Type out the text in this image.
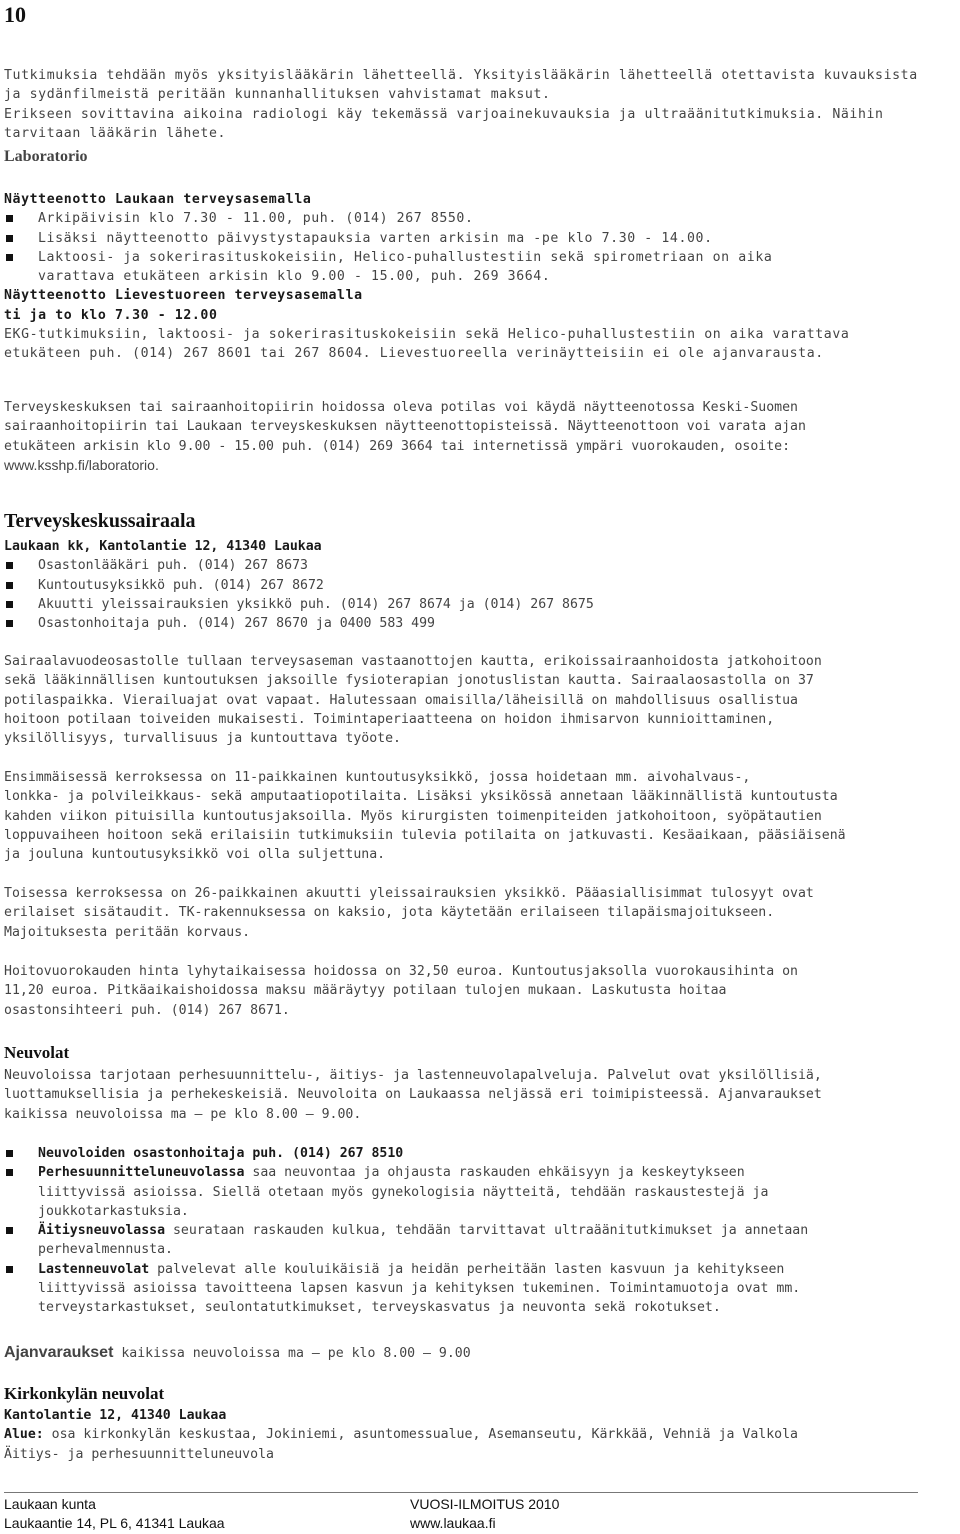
10

Tutkimuksia tehdään myös yksityislääkärin lähetteellä. Yksityislääkärin lähetteellä otettavista kuvauksista

ja sydänfilmeistä peritään kunnanhallituksen vahvistamat maksut.

Erikseen sovittavina aikoina radiologi käy tekemässä varjoainekuvauksia ja ultraäänitutkimuksia. Näihin

tarvitaan lääkärin lähete.

Laboratorio

Näytteenotto Laukaan terveysasemalla

Arkipäivisin klo 7.30 - 11.00, puh. (014) 267 8550.

Lisäksi näytteenotto päivystystapauksia varten arkisin ma -pe klo 7.30 - 14.00.

Laktoosi- ja sokerirasituskokeisiin, Helico-puhallustestiin sekä spirometriaan on aika

varattava etukäteen arkisin klo 9.00 - 15.00, puh. 269 3664.

Näytteenotto Lievestuoreen terveysasemalla

ti ja to klo 7.30 - 12.00

EKG-tutkimuksiin, laktoosi- ja sokerirasituskokeisiin sekä Helico-puhallustestiin on aika varattava

etukäteen puh. (014) 267 8601 tai 267 8604. Lievestuoreella verinäytteisiin ei ole ajanvarausta.

Terveyskeskuksen tai sairaanhoitopiirin hoidossa oleva potilas voi käydä näytteenotossa Keski-Suomen

sairaanhoitopiirin tai Laukaan terveyskeskuksen näytteenottopisteissä. Näytteenottoon voi varata ajan

etukäteen arkisin klo 9.00 - 15.00 puh. (014) 269 3664 tai internetissä ympäri vuorokauden, osoite:

www.ksshp.fi/laboratorio.

Terveyskeskussairaala

Laukaan kk, Kantolantie 12, 41340 Laukaa

Osastonlääkäri puh. (014) 267 8673

Kuntoutusyksikkö puh. (014) 267 8672

Akuutti yleissairauksien yksikkö puh. (014) 267 8674 ja (014) 267 8675

Osastonhoitaja puh. (014) 267 8670 ja 0400 583 499

Sairaalavuodeosastolle tullaan terveysaseman vastaanottojen kautta, erikoissairaanhoidosta jatkohoitoon

sekä lääkinnällisen kuntoutuksen jaksoille fysioterapian jonotuslistan kautta. Sairaalaosastolla on 37

potilaspaikka. Vierailuajat ovat vapaat. Halutessaan omaisilla/läheisillä on mahdollisuus osallistua

hoitoon potilaan toiveiden mukaisesti. Toimintaperiaatteena on hoidon ihmisarvon kunnioittaminen,

yksilöllisyys, turvallisuus ja kuntouttava työote.

Ensimmäisessä kerroksessa on 11-paikkainen kuntoutusyksikkö, jossa hoidetaan mm. aivohalvaus-,

lonkka- ja polvileikkaus- sekä amputaatiopotilaita. Lisäksi yksikössä annetaan lääkinnällistä kuntoutusta

kahden viikon pituisilla kuntoutusjaksoilla. Myös kirurgisten toimenpiteiden jatkohoitoon, syöpätautien

loppuvaiheen hoitoon sekä erilaisiin tutkimuksiin tulevia potilaita on jatkuvasti. Kesäaikaan, pääsiäisenä

ja jouluna kuntoutusyksikkö voi olla suljettuna.

Toisessa kerroksessa on 26-paikkainen akuutti yleissairauksien yksikkö. Pääasiallisimmat tulosyyt ovat

erilaiset sisätaudit. TK-rakennuksessa on kaksio, jota käytetään erilaiseen tilapäismajoitukseen.

Majoituksesta peritään korvaus.

Hoitovuorokauden hinta lyhytaikaisessa hoidossa on 32,50 euroa. Kuntoutusjaksolla vuorokausihinta on

11,20 euroa. Pitkäaikaishoidossa maksu määräytyy potilaan tulojen mukaan. Laskutusta hoitaa

osastonsihteeri puh. (014) 267 8671.

Neuvolat

Neuvoloissa tarjotaan perhesuunnittelu-, äitiys- ja lastenneuvolapalveluja. Palvelut ovat yksilöllisiä,

luottamuksellisia ja perhekeskeisiä. Neuvoloita on Laukaassa neljässä eri toimipisteessä. Ajanvaraukset

kaikissa neuvoloissa ma – pe klo 8.00 – 9.00.

Neuvoloiden osastonhoitaja puh. (014) 267 8510

Perhesuunnitteluneuvolassa saa neuvontaa ja ohjausta raskauden ehkäisyyn ja keskeytykseen

liittyvissä asioissa. Siellä otetaan myös gynekologisia näytteitä, tehdään raskaustestejä ja

joukkotarkastuksia.

Äitiysneuvolassa seurataan raskauden kulkua, tehdään tarvittavat ultraäänitutkimukset ja annetaan

perhevalmennusta.

Lastenneuvolat palvelevat alle kouluikäisiä ja heidän perheitään lasten kasvuun ja kehitykseen

liittyvissä asioissa tavoitteena lapsen kasvun ja kehityksen tukeminen. Toimintamuotoja ovat mm.

terveystarkastukset, seulontatutkimukset, terveyskasvatus ja neuvonta sekä rokotukset.

Ajanvaraukset kaikissa neuvoloissa ma – pe klo 8.00 – 9.00
Kirkonkylän neuvolat

Kantolantie 12, 41340 Laukaa

Alue: osa kirkonkylän keskustaa, Jokiniemi, asuntomessualue, Asemanseutu, Kärkkää, Vehniä ja Valkola

Äitiys- ja perhesuunnitteluneuvola

Laukaan kunta	VUOSI-ILMOITUS 2010
Laukaantie 14, PL 6, 41341 Laukaa	www.laukaa.fi
